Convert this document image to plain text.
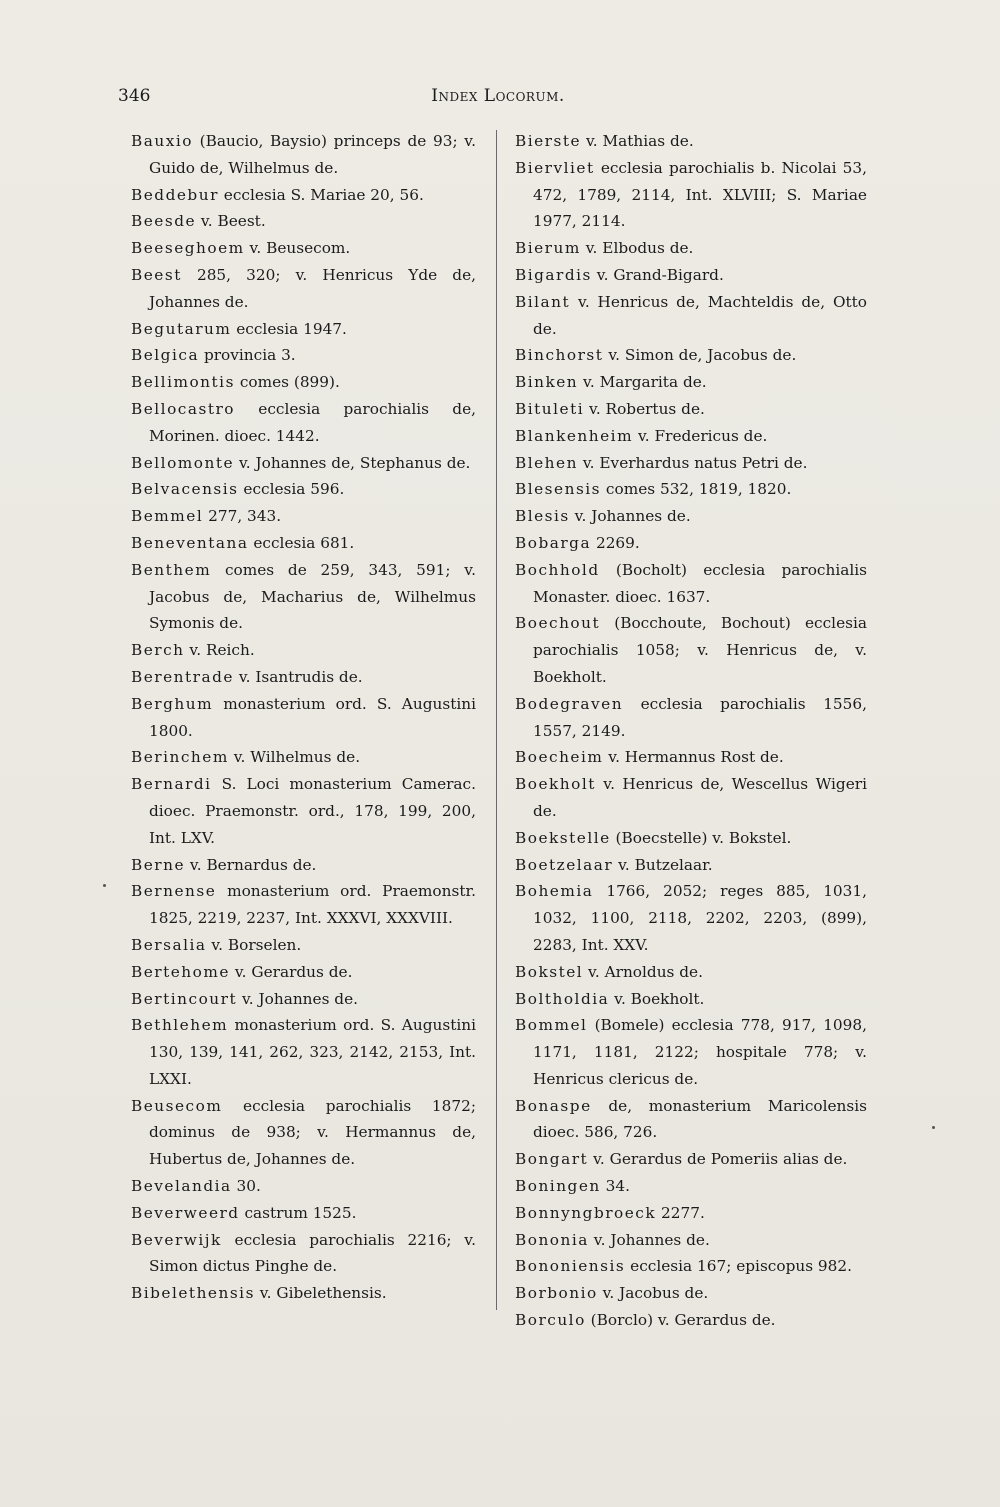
346	Index Locorum.
Bauxio (Baucio, Baysio) princeps de 93; v. Guido de, Wilhelmus de.
Beddebur ecclesia S. Mariae 20, 56.
Beesde v. Beest.
Beeseghoem v. Beusecom.
Beest 285, 320; v. Henricus Yde de, Johannes de.
Begutarum ecclesia 1947.
Belgica provincia 3.
Bellimontis comes (899).
Bellocastro ecclesia parochialis de, Morinen. dioec. 1442.
Bellomonte v. Johannes de, Stephanus de.
Belvacensis ecclesia 596.
Bemmel 277, 343.
Beneventana ecclesia 681.
Benthem comes de 259, 343, 591; v. Jacobus de, Macharius de, Wilhelmus Symonis de.
Berch v. Reich.
Berentrade v. Isantrudis de.
Berghum monasterium ord. S. Augustini 1800.
Berinchem v. Wilhelmus de.
Bernardi S. Loci monasterium Camerac. dioec. Praemonstr. ord., 178, 199, 200, Int. LXV.
Berne v. Bernardus de.
Bernense monasterium ord. Praemonstr. 1825, 2219, 2237, Int. XXXVI, XXXVIII.
Bersalia v. Borselen.
Bertehome v. Gerardus de.
Bertincourt v. Johannes de.
Bethlehem monasterium ord. S. Augustini 130, 139, 141, 262, 323, 2142, 2153, Int. LXXI.
Beusecom ecclesia parochialis 1872; dominus de 938; v. Hermannus de, Hubertus de, Johannes de.
Bevelandia 30.
Beverweerd castrum 1525.
Beverwijk ecclesia parochialis 2216; v. Simon dictus Pinghe de.
Bibelethensis v. Gibelethensis.
Bierste v. Mathias de.
Biervliet ecclesia parochialis b. Nicolai 53, 472, 1789, 2114, Int. XLVIII; S. Mariae 1977, 2114.
Bierum v. Elbodus de.
Bigardis v. Grand-Bigard.
Bilant v. Henricus de, Machteldis de, Otto de.
Binchorst v. Simon de, Jacobus de.
Binken v. Margarita de.
Bituleti v. Robertus de.
Blankenheim v. Fredericus de.
Blehen v. Everhardus natus Petri de.
Blesensis comes 532, 1819, 1820.
Blesis v. Johannes de.
Bobarga 2269.
Bochhold (Bocholt) ecclesia parochialis Monaster. dioec. 1637.
Boechout (Bocchoute, Bochout) ecclesia parochialis 1058; v. Henricus de, v. Boekholt.
Bodegraven ecclesia parochialis 1556, 1557, 2149.
Boecheim v. Hermannus Rost de.
Boekholt v. Henricus de, Wescellus Wigeri de.
Boekstelle (Boecstelle) v. Bokstel.
Boetzelaar v. Butzelaar.
Bohemia 1766, 2052; reges 885, 1031, 1032, 1100, 2118, 2202, 2203, (899), 2283, Int. XXV.
Bokstel v. Arnoldus de.
Boltholdia v. Boekholt.
Bommel (Bomele) ecclesia 778, 917, 1098, 1171, 1181, 2122; hospitale 778; v. Henricus clericus de.
Bonaspe de, monasterium Maricolensis dioec. 586, 726.
Bongart v. Gerardus de Pomeriis alias de.
Boningen 34.
Bonnyngbroeck 2277.
Bononia v. Johannes de.
Bononiensis ecclesia 167; episcopus 982.
Borbonio v. Jacobus de.
Borculo (Borclo) v. Gerardus de.
